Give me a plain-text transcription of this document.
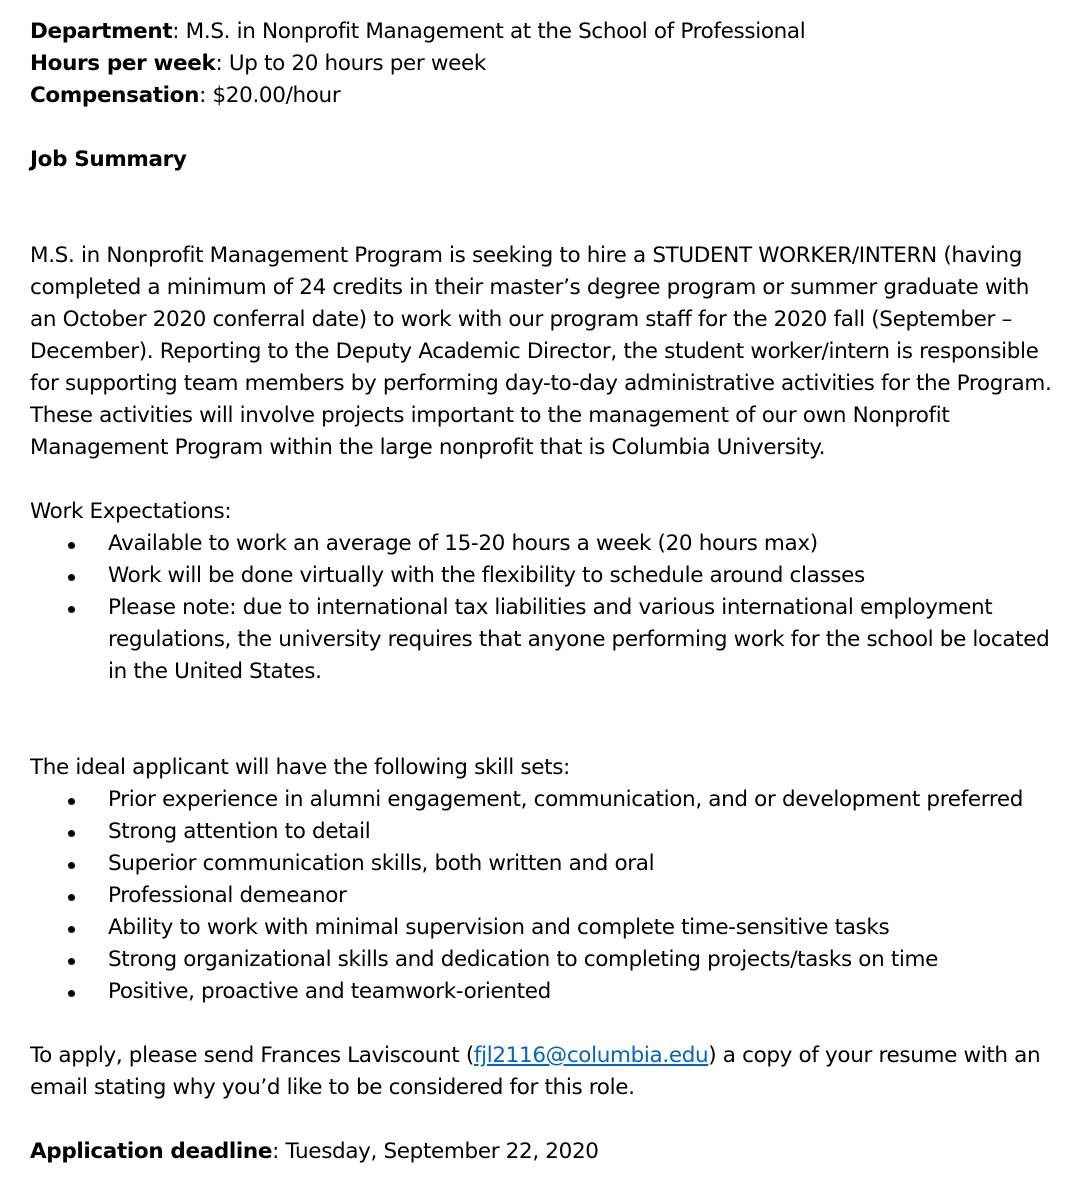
Department: M.S. in Nonprofit Management at the School of Professional

Hours per week: Up to 20 hours per week

Compensation: $20.00/hour

Job Summary

M.S. in Nonprofit Management Program is seeking to hire a STUDENT WORKER/INTERN (having completed a minimum of 24 credits in their master’s degree program or summer graduate with an October 2020 conferral date) to work with our program staff for the 2020 fall (September – December). Reporting to the Deputy Academic Director, the student worker/intern is responsible for supporting team members by performing day-to-day administrative activities for the Program. These activities will involve projects important to the management of our own Nonprofit Management Program within the large nonprofit that is Columbia University.

Work Expectations:

Available to work an average of 15-20 hours a week (20 hours max)
Work will be done virtually with the flexibility to schedule around classes
Please note: due to international tax liabilities and various international employment regulations, the university requires that anyone performing work for the school be located in the United States.

The ideal applicant will have the following skill sets:

Prior experience in alumni engagement, communication, and or development preferred
Strong attention to detail
Superior communication skills, both written and oral
Professional demeanor
Ability to work with minimal supervision and complete time-sensitive tasks
Strong organizational skills and dedication to completing projects/tasks on time
Positive, proactive and teamwork-oriented

To apply, please send Frances Laviscount (fjl2116@columbia.edu) a copy of your resume with an email stating why you’d like to be considered for this role.

Application deadline: Tuesday, September 22, 2020
